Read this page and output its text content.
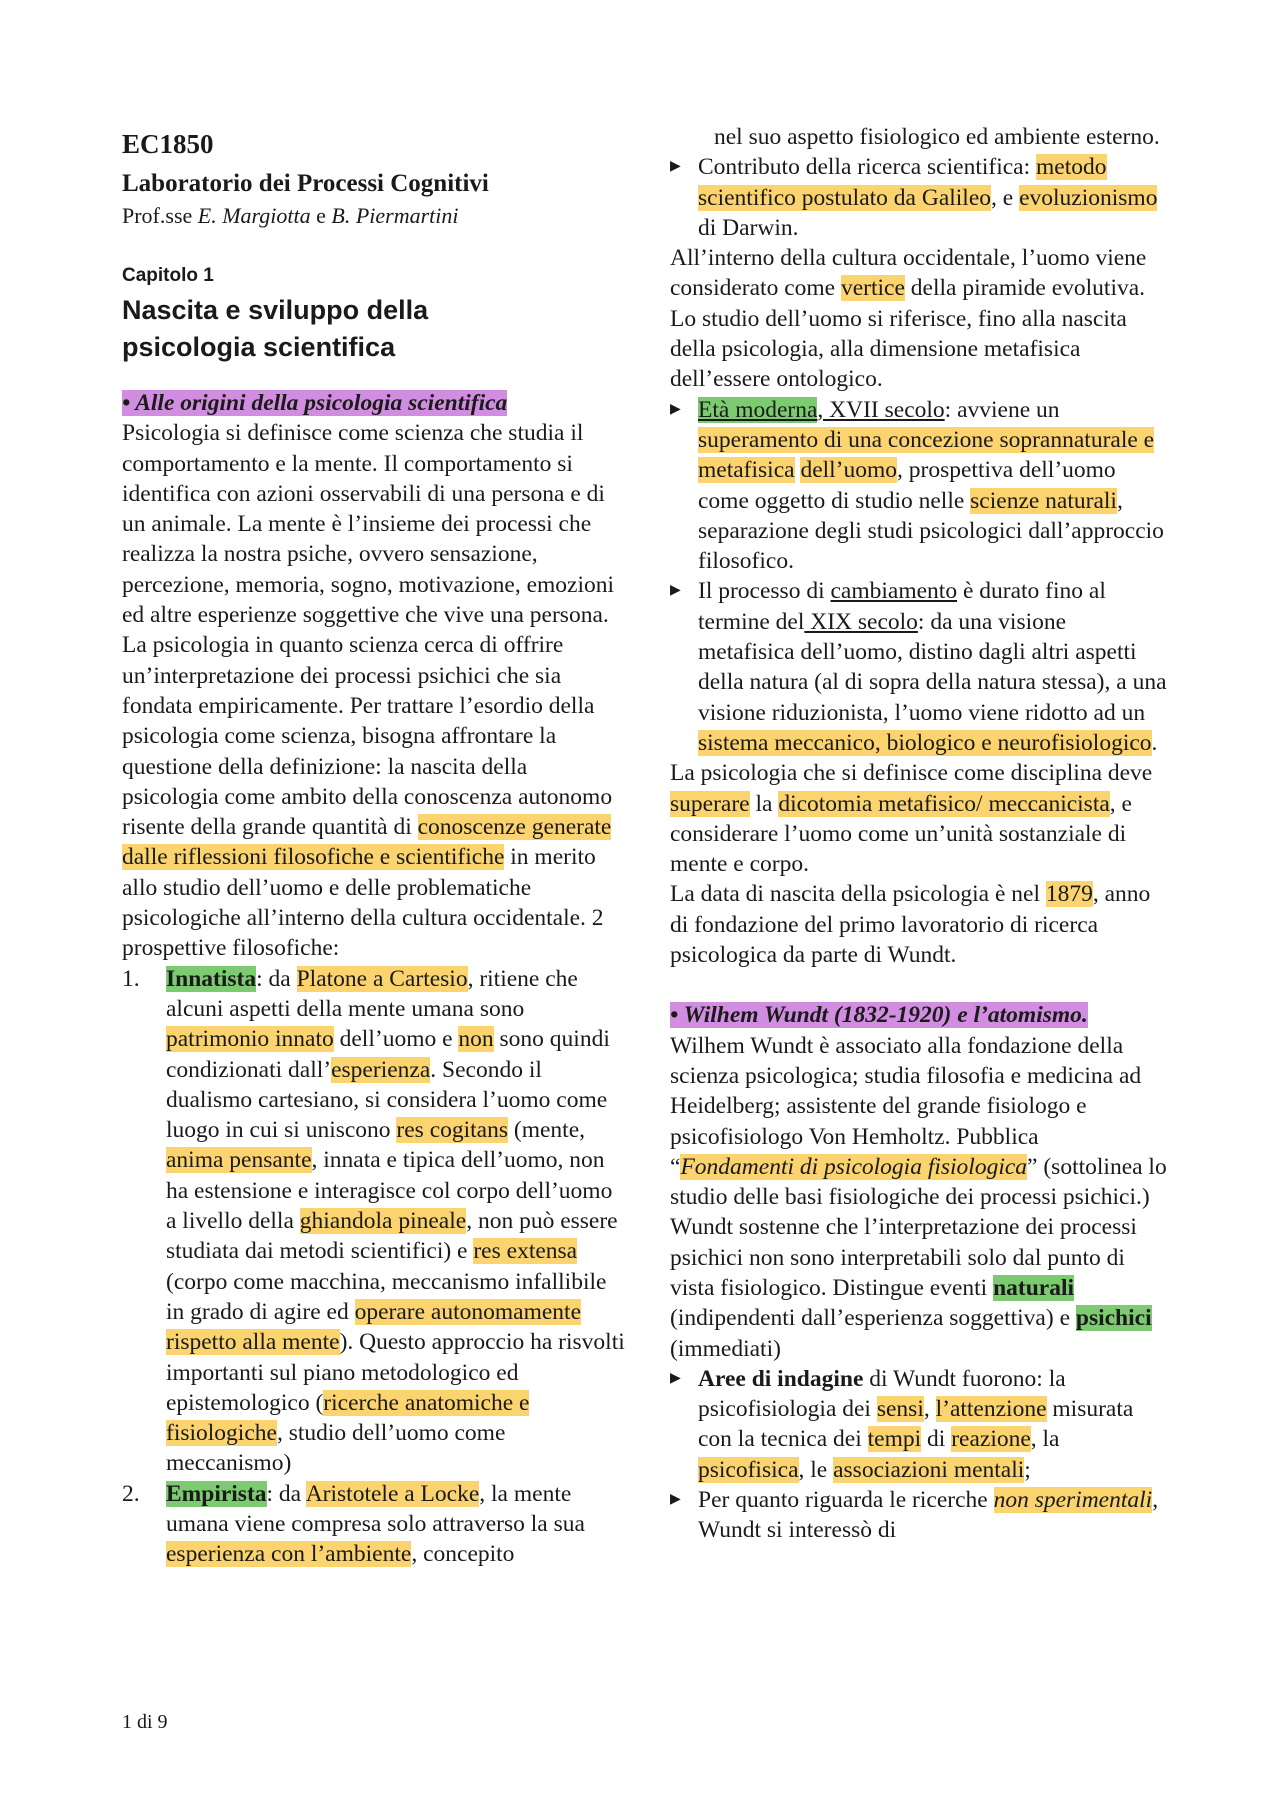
EC1850

Laboratorio dei Processi Cognitivi

Prof.sse E. Margiotta e B. Piermartini

Capitolo 1

Nascita e sviluppo della
psicologia scientifica

• Alle origini della psicologia scientifica

Psicologia si definisce come scienza che studia il comportamento e la mente. Il comportamento si identifica con azioni osservabili di una persona e di un animale. La mente è l’insieme dei processi che realizza la nostra psiche, ovvero sensazione, percezione, memoria, sogno, motivazione, emozioni ed altre esperienze soggettive che vive una persona. La psicologia in quanto scienza cerca di offrire un’interpretazione dei processi psichici che sia fondata empiricamente. Per trattare l’esordio della psicologia come scienza, bisogna affrontare la questione della definizione: la nascita della psicologia come ambito della conoscenza autonomo risente della grande quantità di conoscenze generate dalle riflessioni filosofiche e scientifiche in merito allo studio dell’uomo e delle problematiche psicologiche all’interno della cultura occidentale. 2 prospettive filosofiche:

1.	Innatista: da Platone a Cartesio, ritiene che alcuni aspetti della mente umana sono patrimonio innato dell’uomo e non sono quindi condizionati dall’esperienza. Secondo il dualismo cartesiano, si considera l’uomo come luogo in cui si uniscono res cogitans (mente, anima pensante, innata e tipica dell’uomo, non ha estensione e interagisce col corpo dell’uomo a livello della ghiandola pineale, non può essere studiata dai metodi scientifici) e res extensa (corpo come macchina, meccanismo infallibile in grado di agire ed operare autonomamente rispetto alla mente). Questo approccio ha risvolti importanti sul piano metodologico ed epistemologico (ricerche anatomiche e fisiologiche, studio dell’uomo come meccanismo)
2.	Empirista: da Aristotele a Locke, la mente umana viene compresa solo attraverso la sua esperienza con l’ambiente, concepito

nel suo aspetto fisiologico ed ambiente esterno.

▶ Contributo della ricerca scientifica: metodo scientifico postulato da Galileo, e evoluzionismo di Darwin.

All’interno della cultura occidentale, l’uomo viene considerato come vertice della piramide evolutiva. Lo studio dell’uomo si riferisce, fino alla nascita della psicologia, alla dimensione metafisica dell’essere ontologico.

▶ Età moderna, XVII secolo: avviene un superamento di una concezione soprannaturale e metafisica dell’uomo, prospettiva dell’uomo come oggetto di studio nelle scienze naturali, separazione degli studi psicologici dall’approccio filosofico.
▶ Il processo di cambiamento è durato fino al termine del XIX secolo: da una visione metafisica dell’uomo, distino dagli altri aspetti della natura (al di sopra della natura stessa), a una visione riduzionista, l’uomo viene ridotto ad un sistema meccanico, biologico e neurofisiologico.

La psicologia che si definisce come disciplina deve superare la dicotomia metafisico/ meccanicista, e considerare l’uomo come un’unità sostanziale di mente e corpo.

La data di nascita della psicologia è nel 1879, anno di fondazione del primo lavoratorio di ricerca psicologica da parte di Wundt.

• Wilhem Wundt (1832-1920) e l’atomismo.

Wilhem Wundt è associato alla fondazione della scienza psicologica; studia filosofia e medicina ad Heidelberg; assistente del grande fisiologo e psicofisiologo Von Hemholtz. Pubblica “Fondamenti di psicologia fisiologica” (sottolinea lo studio delle basi fisiologiche dei processi psichici.) Wundt sostenne che l’interpretazione dei processi psichici non sono interpretabili solo dal punto di vista fisiologico. Distingue eventi naturali (indipendenti dall’esperienza soggettiva) e psichici (immediati)

▶ Aree di indagine di Wundt fuorono: la psicofisiologia dei sensi, l’attenzione misurata con la tecnica dei tempi di reazione, la psicofisica, le associazioni mentali;
▶ Per quanto riguarda le ricerche non sperimentali, Wundt si interessò di
1 di 9
